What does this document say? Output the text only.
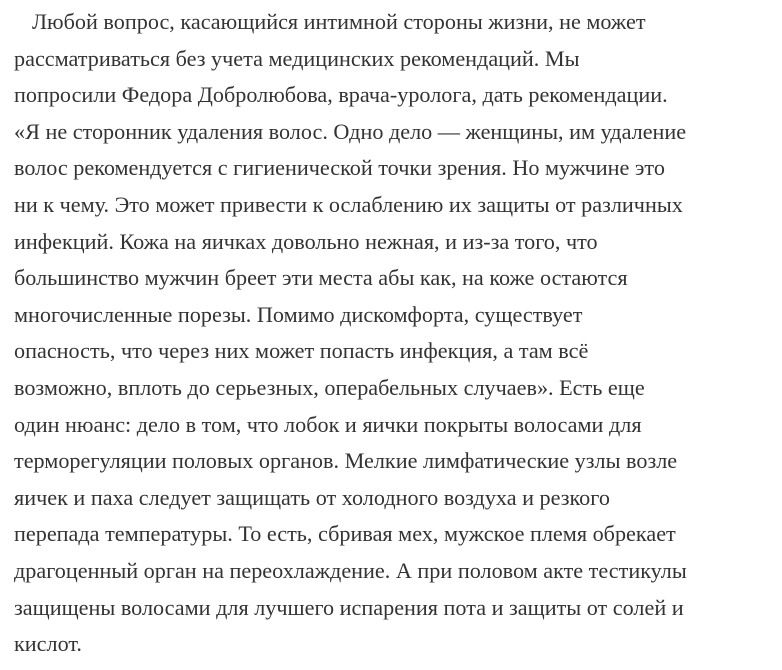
Любой вопрос, касающийся интимной стороны жизни, не может
рассматриваться без учета медицинских рекомендаций. Мы
попросили Федора Добролюбова, врача-уролога, дать рекомендации.
«Я не сторонник удаления волос. Одно дело — женщины, им удаление
волос рекомендуется с гигиенической точки зрения. Но мужчине это
ни к чему. Это может привести к ослаблению их защиты от различных
инфекций. Кожа на яичках довольно нежная, и из-за того, что
большинство мужчин бреет эти места абы как, на коже остаются
многочисленные порезы. Помимо дискомфорта, существует
опасность, что через них может попасть инфекция, а там всё
возможно, вплоть до серьезных, операбельных случаев». Есть еще
один нюанс: дело в том, что лобок и яички покрыты волосами для
терморегуляции половых органов. Мелкие лимфатические узлы возле
яичек и паха следует защищать от холодного воздуха и резкого
перепада температуры. То есть, сбривая мех, мужское племя обрекает
драгоценный орган на переохлаждение. А при половом акте тестикулы
защищены волосами для лучшего испарения пота и защиты от солей и
кислот.
